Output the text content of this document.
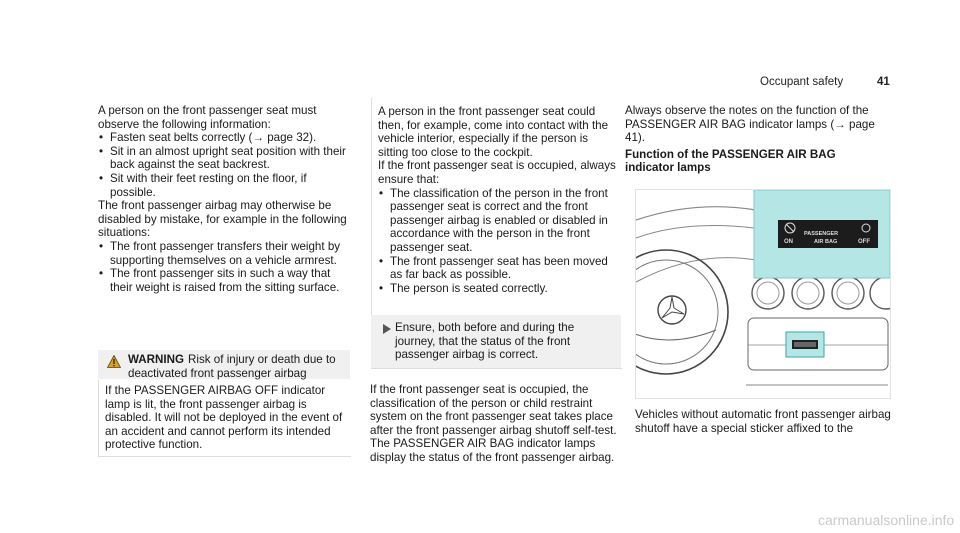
Occupant safety	41

A person on the front passenger seat must observe the following information:

• Fasten seat belts correctly (→ page 32).
• Sit in an almost upright seat position with their back against the seat backrest.
• Sit with their feet resting on the floor, if possible.

The front passenger airbag may otherwise be disabled by mistake, for example in the following situations:

• The front passenger transfers their weight by supporting themselves on a vehicle armrest.
• The front passenger sits in such a way that their weight is raised from the sitting surface.
WARNING Risk of injury or death due to deactivated front passenger airbag
If the PASSENGER AIRBAG OFF indicator lamp is lit, the front passenger airbag is disabled. It will not be deployed in the event of an accident and cannot perform its intended protective function.

A person in the front passenger seat could then, for example, come into contact with the vehicle interior, especially if the person is sitting too close to the cockpit.

If the front passenger seat is occupied, always ensure that:

• The classification of the person in the front passenger seat is correct and the front passenger airbag is enabled or disabled in accordance with the person in the front passenger seat.
• The front passenger seat has been moved as far back as possible.
• The person is seated correctly.
Ensure, both before and during the journey, that the status of the front passenger airbag is correct.
If the front passenger seat is occupied, the classification of the person or child restraint system on the front passenger seat takes place after the front passenger airbag shutoff self-test. The PASSENGER AIR BAG indicator lamps display the status of the front passenger airbag.

Always observe the notes on the function of the PASSENGER AIR BAG indicator lamps (→ page 41).

Function of the PASSENGER AIR BAG indicator lamps

ON
PASSENGER
AIR BAG	OFF
Vehicles without automatic front passenger airbag shutoff have a special sticker affixed to the
carmanualsonline.info
